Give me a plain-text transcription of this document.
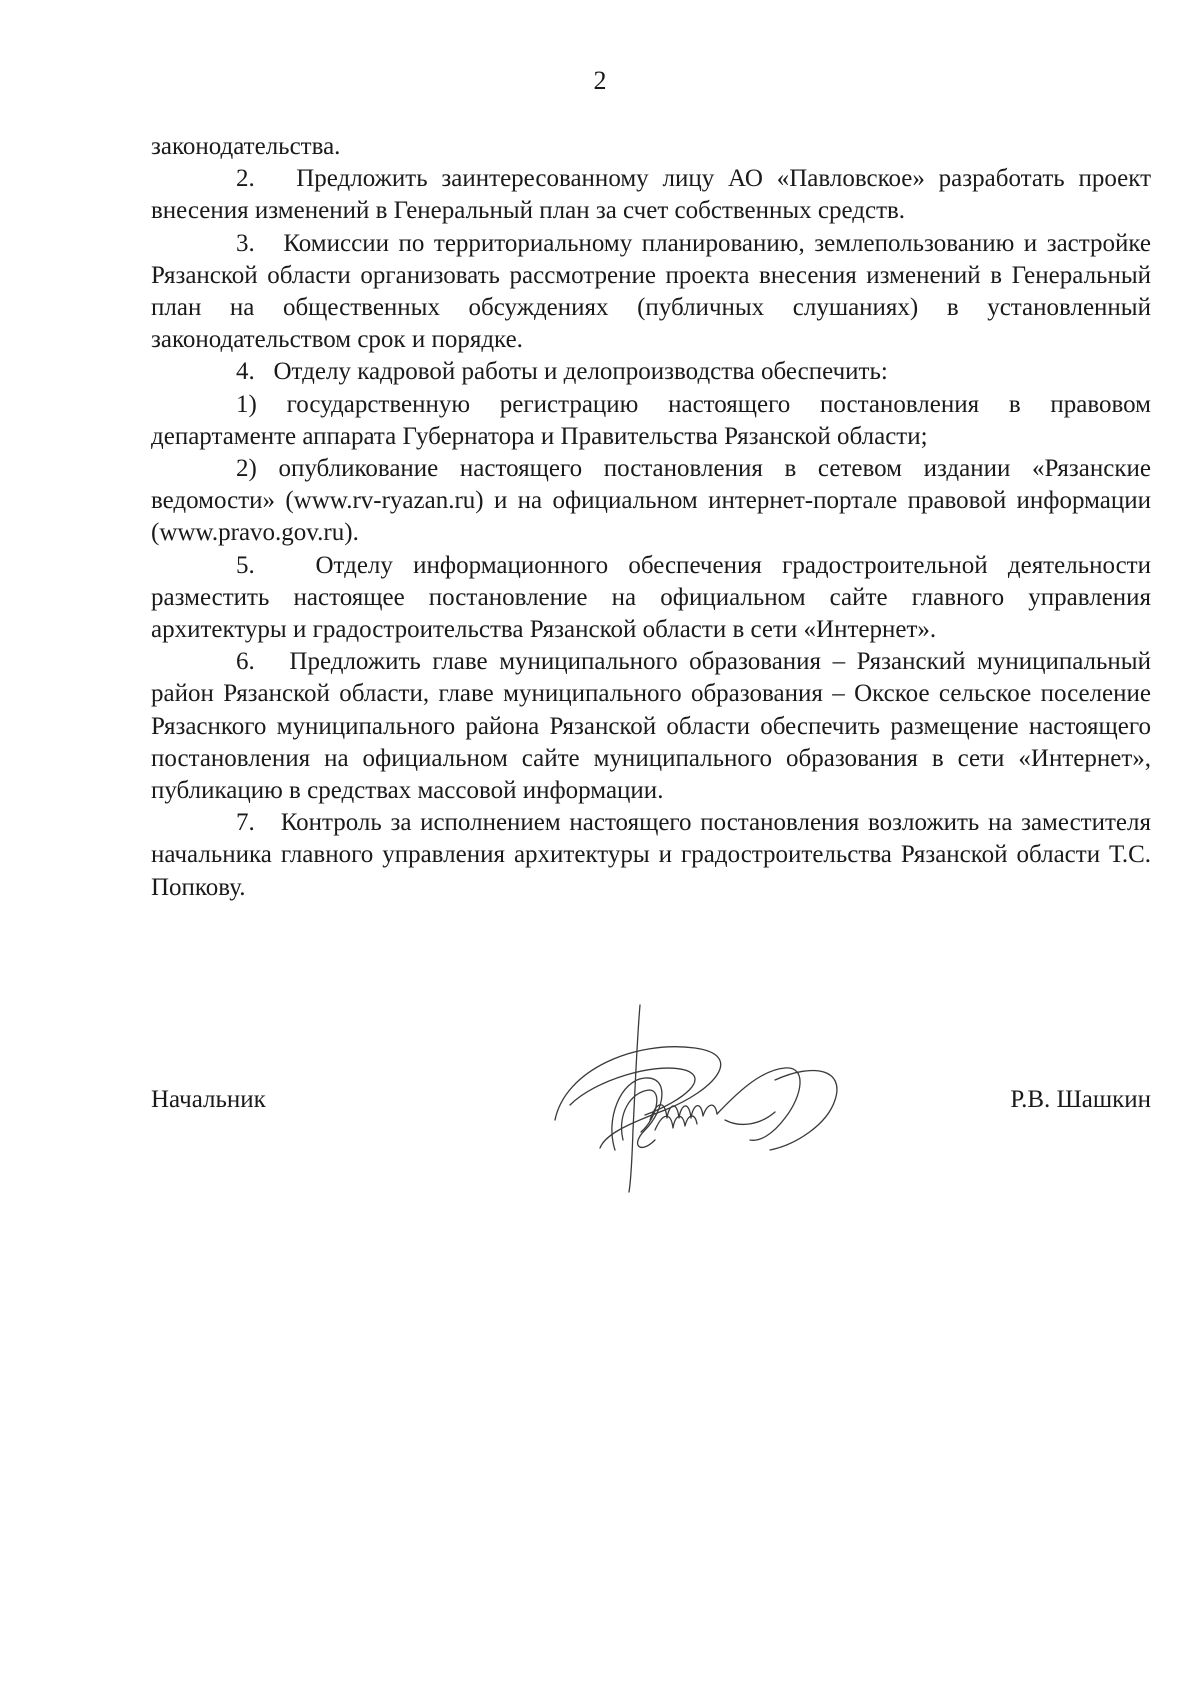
2

законодательства.

2.   Предложить заинтересованному лицу АО «Павловское» разработать проект внесения изменений в Генеральный план за счет собственных средств.

3.   Комиссии по территориальному планированию, землепользованию и застройке Рязанской области организовать рассмотрение проекта внесения изменений в Генеральный план на общественных обсуждениях (публичных слушаниях) в установленный законодательством срок и порядке.

4.   Отделу кадровой работы и делопроизводства обеспечить:

1) государственную регистрацию настоящего постановления в правовом департаменте аппарата Губернатора и Правительства Рязанской области;

2) опубликование настоящего постановления в сетевом издании «Рязанские ведомости» (www.rv-ryazan.ru) и на официальном интернет-портале правовой информации (www.pravo.gov.ru).

5.   Отделу информационного обеспечения градостроительной деятельности разместить настоящее постановление на официальном сайте главного управления архитектуры и градостроительства Рязанской области в сети «Интернет».

6.   Предложить главе муниципального образования – Рязанский муниципальный район Рязанской области, главе муниципального образования – Окское сельское поселение Рязаснкого муниципального района Рязанской области обеспечить размещение настоящего постановления на официальном сайте муниципального образования в сети «Интернет», публикацию в средствах массовой информации.

7.   Контроль за исполнением настоящего постановления возложить на заместителя начальника главного управления архитектуры и градостроительства Рязанской области Т.С. Попкову.

Начальник	Р.В. Шашкин
